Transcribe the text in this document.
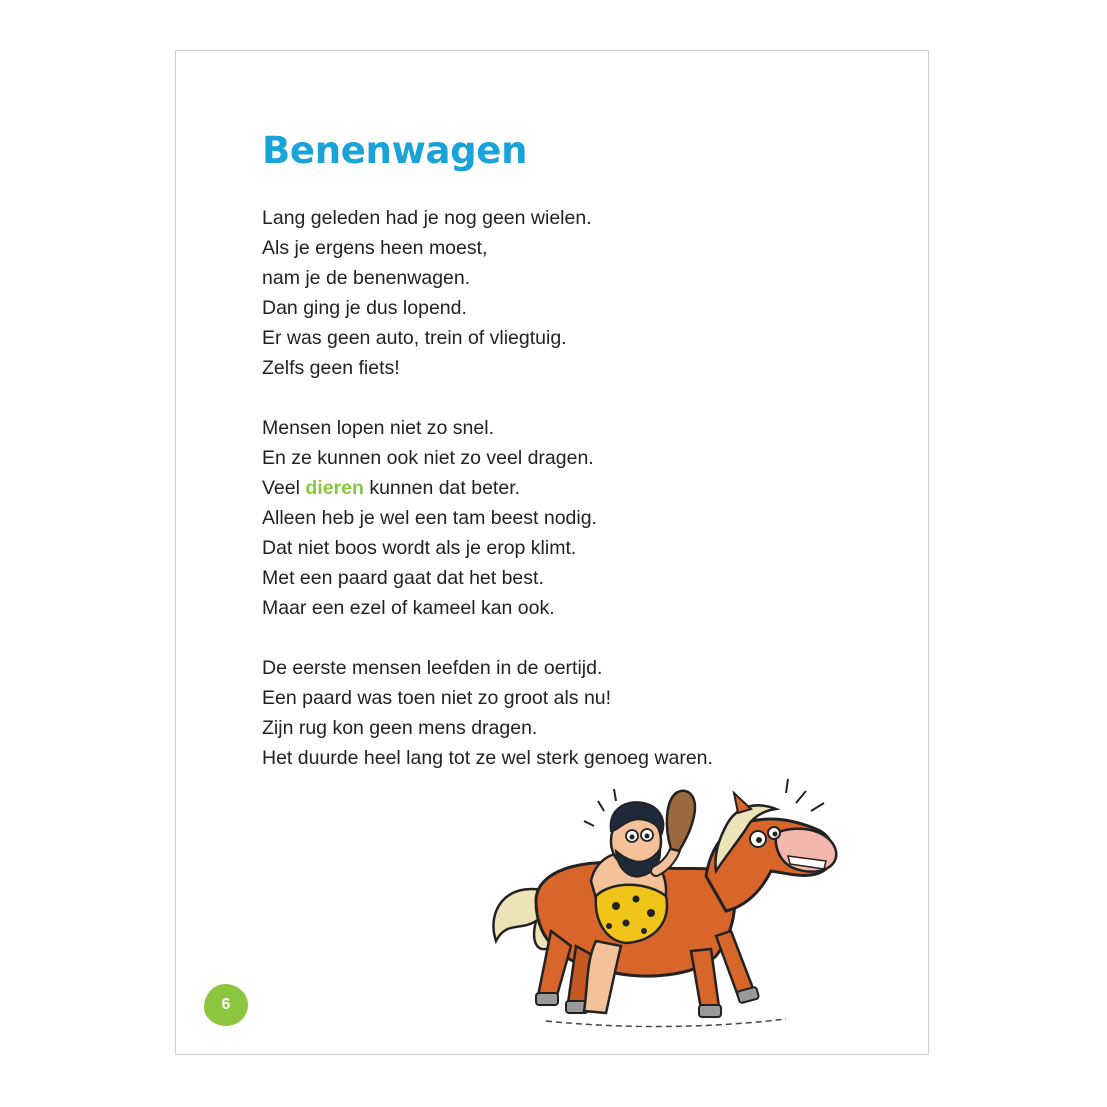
Benenwagen
Lang geleden had je nog geen wielen.
Als je ergens heen moest,
nam je de benenwagen.
Dan ging je dus lopend.
Er was geen auto, trein of vliegtuig.
Zelfs geen fiets!
Mensen lopen niet zo snel.
En ze kunnen ook niet zo veel dragen.
Veel dieren kunnen dat beter.
Alleen heb je wel een tam beest nodig.
Dat niet boos wordt als je erop klimt.
Met een paard gaat dat het best.
Maar een ezel of kameel kan ook.
De eerste mensen leefden in de oertijd.
Een paard was toen niet zo groot als nu!
Zijn rug kon geen mens dragen.
Het duurde heel lang tot ze wel sterk genoeg waren.
6
